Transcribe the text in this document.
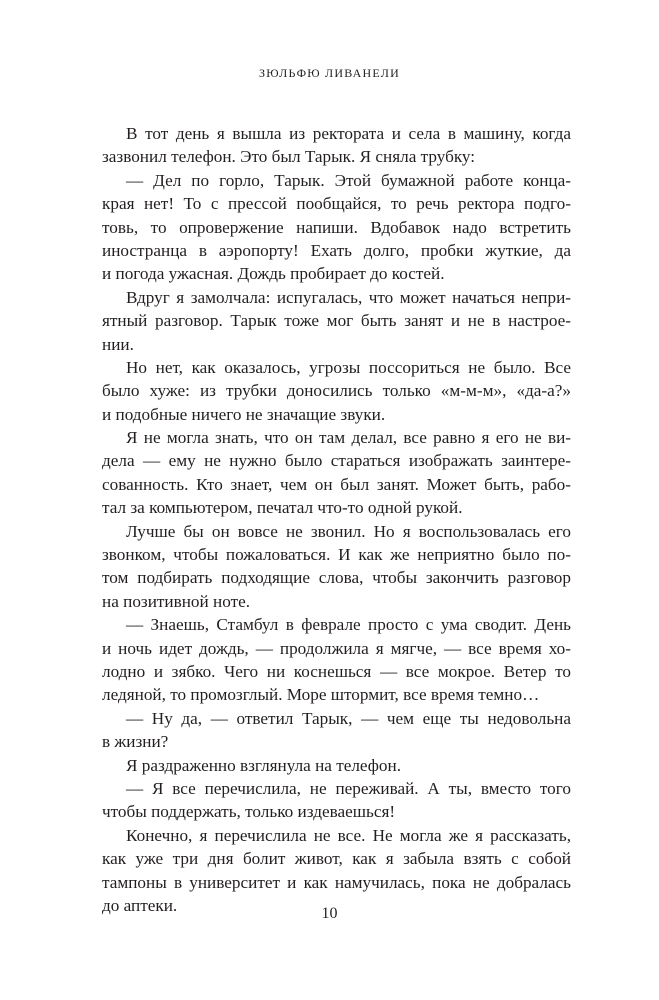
ЗЮЛЬФЮ ЛИВАНЕЛИ
В тот день я вышла из ректората и села в машину, когда
зазвонил телефон. Это был Тарык. Я сняла трубку:
— Дел по горло, Тарык. Этой бумажной работе конца-
края нет! То с прессой пообщайся, то речь ректора подго-
товь, то опровержение напиши. Вдобавок надо встретить
иностранца в аэропорту! Ехать долго, пробки жуткие, да
и погода ужасная. Дождь пробирает до костей.
Вдруг я замолчала: испугалась, что может начаться непри-
ятный разговор. Тарык тоже мог быть занят и не в настрое-
нии.
Но нет, как оказалось, угрозы поссориться не было. Все
было хуже: из трубки доносились только «м-м-м», «да-а?»
и подобные ничего не значащие звуки.
Я не могла знать, что он там делал, все равно я его не ви-
дела — ему не нужно было стараться изображать заинтере-
сованность. Кто знает, чем он был занят. Может быть, рабо-
тал за компьютером, печатал что-то одной рукой.
Лучше бы он вовсе не звонил. Но я воспользовалась его
звонком, чтобы пожаловаться. И как же неприятно было по-
том подбирать подходящие слова, чтобы закончить разговор
на позитивной ноте.
— Знаешь, Стамбул в феврале просто с ума сводит. День
и ночь идет дождь, — продолжила я мягче, — все время хо-
лодно и зябко. Чего ни коснешься — все мокрое. Ветер то
ледяной, то промозглый. Море штормит, все время темно…
— Ну да, — ответил Тарык, — чем еще ты недовольна
в жизни?
Я раздраженно взглянула на телефон.
— Я все перечислила, не переживай. А ты, вместо того
чтобы поддержать, только издеваешься!
Конечно, я перечислила не все. Не могла же я рассказать,
как уже три дня болит живот, как я забыла взять с собой
тампоны в университет и как намучилась, пока не добралась
до аптеки.	10
